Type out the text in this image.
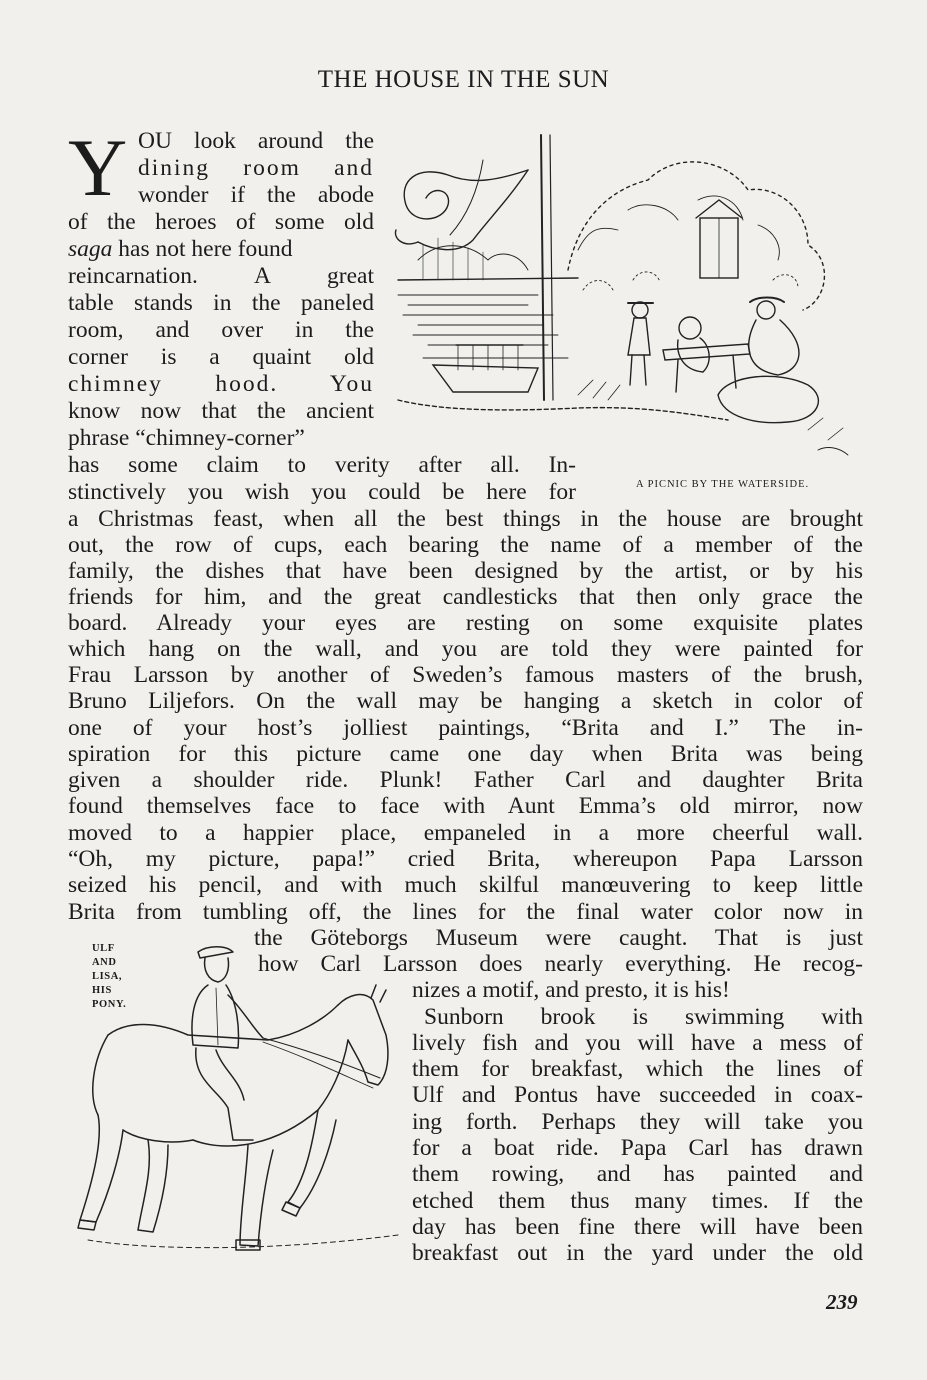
THE HOUSE IN THE SUN
Y OU look around the
dining room and
wonder if the abode
of the heroes of some old
saga has not here found
reincarnation. A great
table stands in the paneled
room, and over in the
corner is a quaint old
chimney hood. You
know now that the ancient
phrase “chimney-corner”
has some claim to verity after all. In-
stinctively you wish you could be here for
a Christmas feast, when all the best things in the house are brought
out, the row of cups, each bearing the name of a member of the
family, the dishes that have been designed by the artist, or by his
friends for him, and the great candlesticks that then only grace the
board. Already your eyes are resting on some exquisite plates
which hang on the wall, and you are told they were painted for
Frau Larsson by another of Sweden’s famous masters of the brush,
Bruno Liljefors. On the wall may be hanging a sketch in color of
one of your host’s jolliest paintings, “Brita and I.” The in-
spiration for this picture came one day when Brita was being
given a shoulder ride. Plunk! Father Carl and daughter Brita
found themselves face to face with Aunt Emma’s old mirror, now
moved to a happier place, empaneled in a more cheerful wall.
“Oh, my picture, papa!” cried Brita, whereupon Papa Larsson
seized his pencil, and with much skilful manœuvering to keep little
Brita from tumbling off, the lines for the final water color now in
the Göteborgs Museum were caught. That is just
how Carl Larsson does nearly everything. He recog-
nizes a motif, and presto, it is his!
Sunborn brook is swimming with
lively fish and you will have a mess of
them for breakfast, which the lines of
Ulf and Pontus have succeeded in coax-
ing forth. Perhaps they will take you
for a boat ride. Papa Carl has drawn
them rowing, and has painted and
etched them thus many times. If the
day has been fine there will have been
breakfast out in the yard under the old
A PICNIC BY THE WATERSIDE.
ULF
AND
LISA,
HIS
PONY.
239
